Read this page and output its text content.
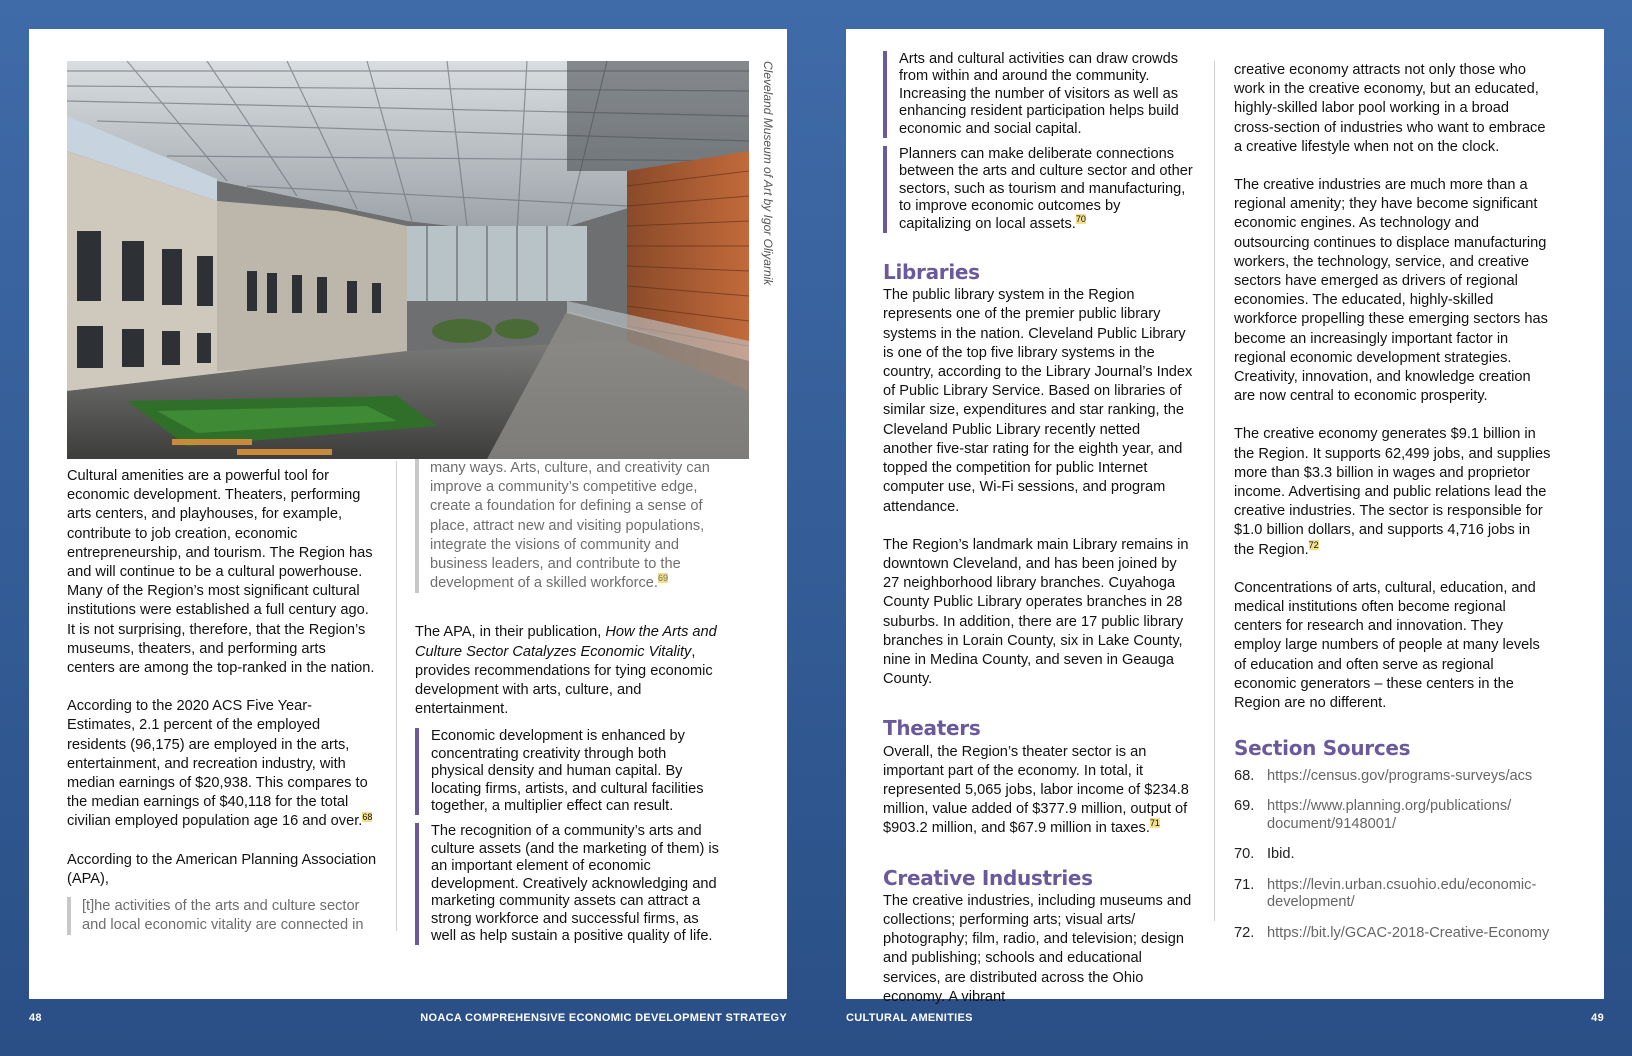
Cleveland Museum of Art by Igor Oliyarnik

Cultural amenities are a powerful tool for economic development. Theaters, performing arts centers, and playhouses, for example, contribute to job creation, economic entrepreneurship, and tourism. The Region has and will continue to be a cultural powerhouse. Many of the Region’s most significant cultural institutions were established a full century ago. It is not surprising, therefore, that the Region’s museums, theaters, and performing arts centers are among the top-ranked in the nation.

According to the 2020 ACS Five Year-Estimates, 2.1 percent of the employed residents (96,175) are employed in the arts, entertainment, and recreation industry, with median earnings of $20,938. This compares to the median earnings of $40,118 for the total civilian employed population age 16 and over.$^{68}$

According to the American Planning Association (APA),

[t]he activities of the arts and culture sector and local economic vitality are connected in
many ways. Arts, culture, and creativity can improve a community’s competitive edge, create a foundation for defining a sense of place, attract new and visiting populations, integrate the visions of community and business leaders, and contribute to the development of a skilled workforce.$^{69}$

The APA, in their publication, How the Arts and Culture Sector Catalyzes Economic Vitality, provides recommendations for tying economic development with arts, culture, and entertainment.

Economic development is enhanced by concentrating creativity through both physical density and human capital. By locating firms, artists, and cultural facilities together, a multiplier effect can result.
The recognition of a community’s arts and culture assets (and the marketing of them) is an important element of economic development. Creatively acknowledging and marketing community assets can attract a strong workforce and successful firms, as well as help sustain a positive quality of life.
Arts and cultural activities can draw crowds from within and around the community. Increasing the number of visitors as well as enhancing resident participation helps build economic and social capital.
Planners can make deliberate connections between the arts and culture sector and other sectors, such as tourism and manufacturing, to improve economic outcomes by capitalizing on local assets.$^{70}$
Libraries

The public library system in the Region represents one of the premier public library systems in the nation. Cleveland Public Library is one of the top five library systems in the country, according to the Library Journal’s Index of Public Library Service. Based on libraries of similar size, expenditures and star ranking, the Cleveland Public Library recently netted another five-star rating for the eighth year, and topped the competition for public Internet computer use, Wi-Fi sessions, and program attendance.

The Region’s landmark main Library remains in downtown Cleveland, and has been joined by 27 neighborhood library branches. Cuyahoga County Public Library operates branches in 28 suburbs. In addition, there are 17 public library branches in Lorain County, six in Lake County, nine in Medina County, and seven in Geauga County.

Theaters

Overall, the Region’s theater sector is an important part of the economy. In total, it represented 5,065 jobs, labor income of $234.8 million, value added of $377.9 million, output of $903.2 million, and $67.9 million in taxes.$^{71}$

Creative Industries

The creative industries, including museums and collections; performing arts; visual arts/ photography; film, radio, and television; design and publishing; schools and educational services, are distributed across the Ohio economy. A vibrant

creative economy attracts not only those who work in the creative economy, but an educated, highly-skilled labor pool working in a broad cross-section of industries who want to embrace a creative lifestyle when not on the clock.

The creative industries are much more than a regional amenity; they have become significant economic engines. As technology and outsourcing continues to displace manufacturing workers, the technology, service, and creative sectors have emerged as drivers of regional economies. The educated, highly-skilled workforce propelling these emerging sectors has become an increasingly important factor in regional economic development strategies. Creativity, innovation, and knowledge creation are now central to economic prosperity.

The creative economy generates $9.1 billion in the Region. It supports 62,499 jobs, and supplies more than $3.3 billion in wages and proprietor income. Advertising and public relations lead the creative industries. The sector is responsible for $1.0 billion dollars, and supports 4,716 jobs in the Region.$^{72}$

Concentrations of arts, cultural, education, and medical institutions often become regional centers for research and innovation. They employ large numbers of people at many levels of education and often serve as regional economic generators – these centers in the Region are no different.

Section Sources
68. https://census.gov/programs-surveys/acs
69. https://www.planning.org/publications/ document/9148001/
70. Ibid.
71. https://levin.urban.csuohio.edu/economic-development/
72. https://bit.ly/GCAC-2018-Creative-Economy
48	NOACA COMPREHENSIVE ECONOMIC DEVELOPMENT STRATEGY	CULTURAL AMENITIES	49
